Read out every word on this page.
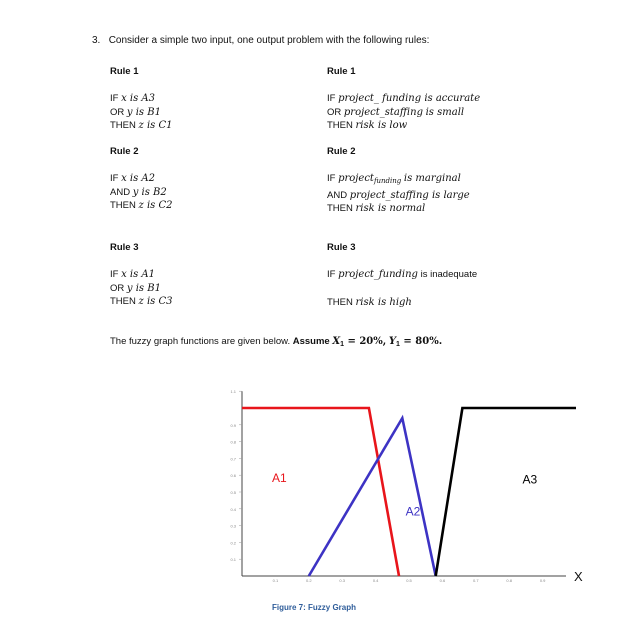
3. Consider a simple two input, one output problem with the following rules:
Rule 1
IF x is A3
OR y is B1
THEN z is C1
Rule 2
IF x is A2
AND y is B2
THEN z is C2
Rule 3
IF x is A1
OR y is B1
THEN z is C3
Rule 1
IF project_ funding is accurate
OR project_staffing is small
THEN risk is low
Rule 2
IF project$_{funding}$ is marginal
AND project_staffing is large
THEN risk is normal
Rule 3
IF project_funding is inadequate
THEN risk is high
The fuzzy graph functions are given below. Assume $X_1 = 20\%$, $Y_1 = 80\%$.
0.1
0.2
0.3
0.4
0.5
0.6
0.7
0.8
0.9
1.1
0.1	0.2	0.3	0.4	0.5	0.6	0.7	0.8	0.9
A1
A2
A3
X
Figure 7: Fuzzy Graph
